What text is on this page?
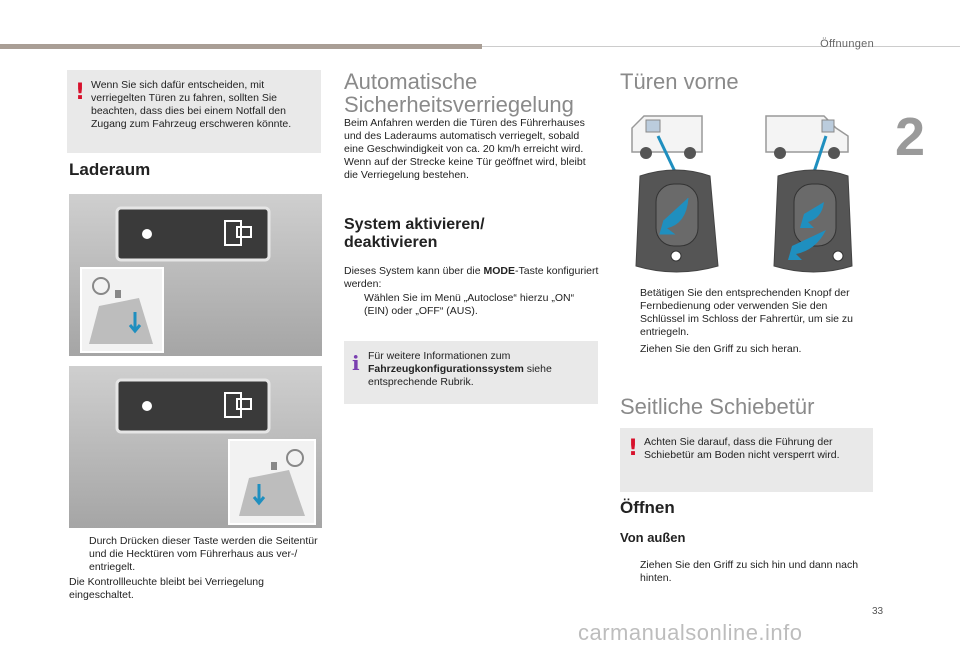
Öffnungen
2
! Wenn Sie sich dafür entscheiden, mit verriegelten Türen zu fahren, sollten Sie beachten, dass dies bei einem Notfall den Zugang zum Fahrzeug erschweren könnte.
Laderaum
Durch Drücken dieser Taste werden die Seitentür und die Hecktüren vom Führerhaus aus ver-/ entriegelt.
Die Kontrollleuchte bleibt bei Verriegelung eingeschaltet.
Automatische Sicherheitsverriegelung
Beim Anfahren werden die Türen des Führerhauses und des Laderaums automatisch verriegelt, sobald eine Geschwindigkeit von ca. 20 km/h erreicht wird. Wenn auf der Strecke keine Tür geöffnet wird, bleibt die Verriegelung bestehen.
System aktivieren/ deaktivieren
Dieses System kann über die MODE-Taste konfiguriert werden:
Wählen Sie im Menü „Autoclose“ hierzu „ON“ (EIN) oder „OFF“ (AUS).
i Für weitere Informationen zum Fahrzeugkonfigurationssystem siehe entsprechende Rubrik.
Türen vorne
Betätigen Sie den entsprechenden Knopf der Fernbedienung oder verwenden Sie den Schlüssel im Schloss der Fahrertür, um sie zu entriegeln.
Ziehen Sie den Griff zu sich heran.
Seitliche Schiebetür
! Achten Sie darauf, dass die Führung der Schiebetür am Boden nicht versperrt wird.
Öffnen
Von außen
Ziehen Sie den Griff zu sich hin und dann nach hinten.
33
carmanualsonline.info
